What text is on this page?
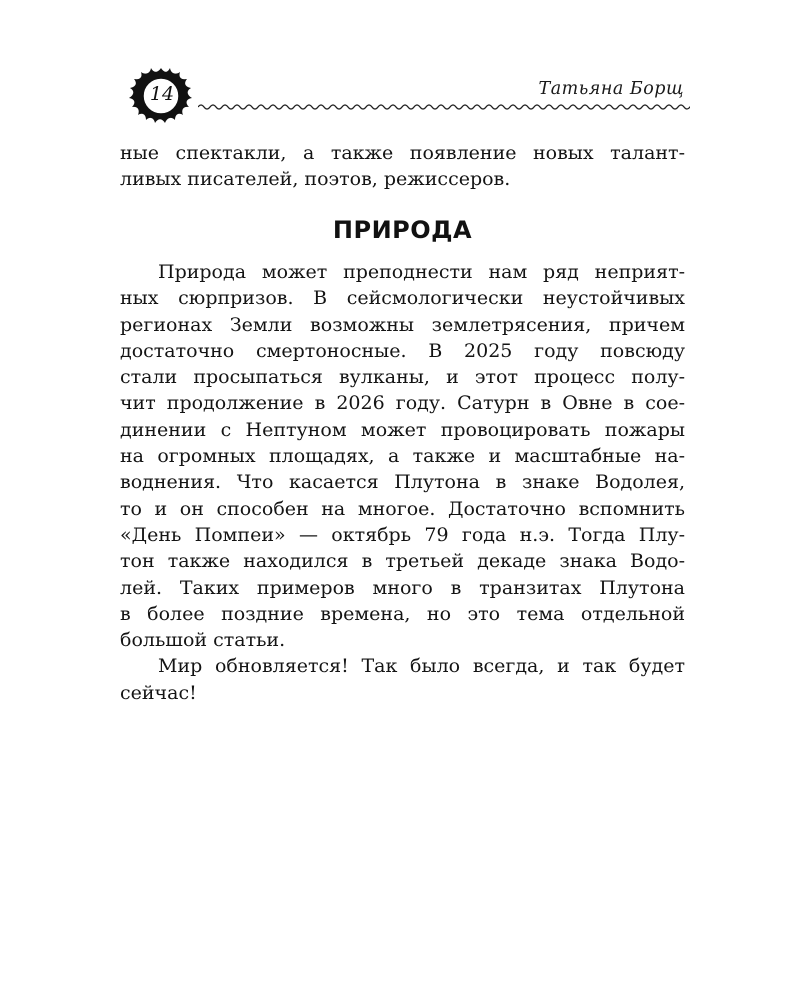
14	Татьяна Борщ
ные спектакли, а также появление новых талант-
ливых писателей, поэтов, режиссеров.
ПРИРОДА
Природа может преподнести нам ряд неприят-
ных сюрпризов. В сейсмологически неустойчивых
регионах Земли возможны землетрясения, причем
достаточно смертоносные. В 2025 году повсюду
стали просыпаться вулканы, и этот процесс полу-
чит продолжение в 2026 году. Сатурн в Овне в сое-
динении с Нептуном может провоцировать пожары
на огромных площадях, а также и масштабные на-
воднения. Что касается Плутона в знаке Водолея,
то и он способен на многое. Достаточно вспомнить
«День Помпеи» — октябрь 79 года н.э. Тогда Плу-
тон также находился в третьей декаде знака Водо-
лей. Таких примеров много в транзитах Плутона
в более поздние времена, но это тема отдельной
большой статьи.
Мир обновляется! Так было всегда, и так будет
сейчас!
